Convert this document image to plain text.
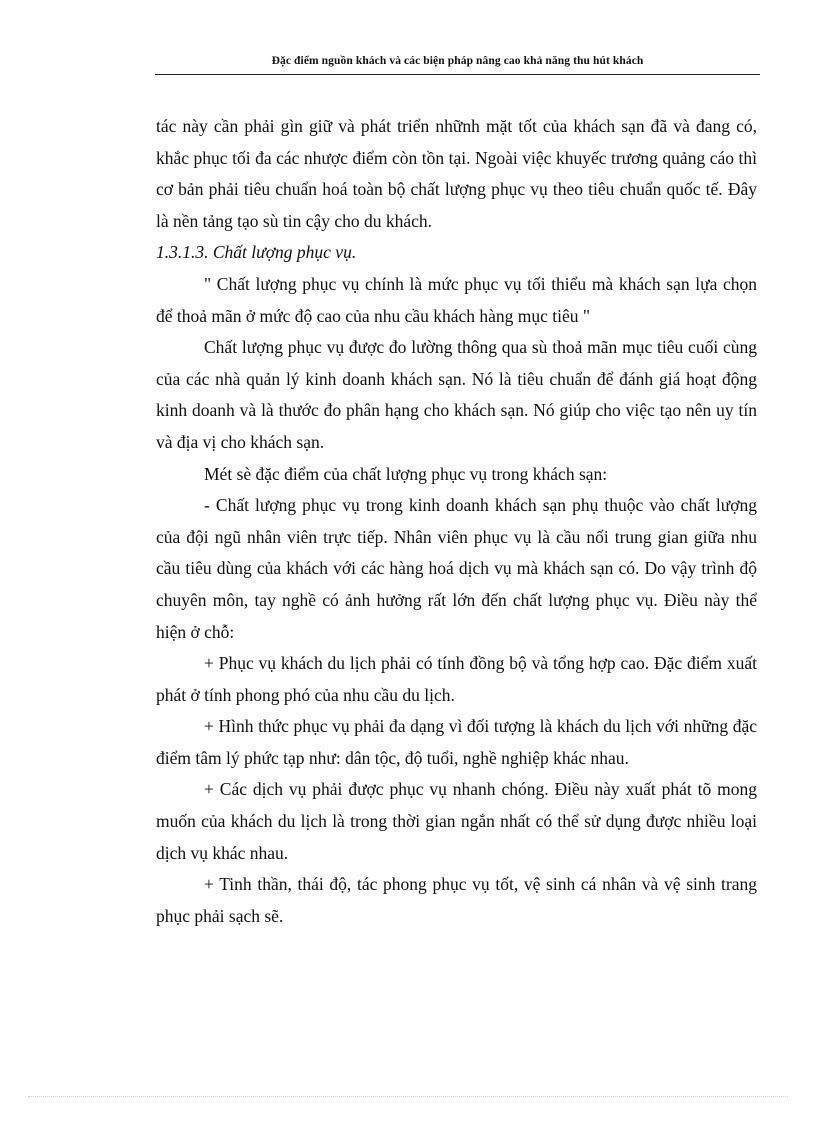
Đặc điểm nguồn khách và các biện pháp nâng cao khả năng thu hút khách

tác này cần phải gìn giữ và phát triển nhữnh mặt tốt của khách sạn đã và đang có, khắc phục tối đa các nhược điểm còn tồn tại. Ngoài việc khuyếc trương quảng cáo thì cơ bản phải tiêu chuẩn hoá toàn bộ chất lượng phục vụ theo tiêu chuẩn quốc tế. Đây là nền tảng tạo sù tin cậy cho du khách.

1.3.1.3. Chất lượng phục vụ.

" Chất lượng phục vụ chính là mức phục vụ tối thiểu mà khách sạn lựa chọn để thoả mãn ở mức độ cao của nhu cầu khách hàng mục tiêu "

Chất lượng phục vụ được đo lường thông qua sù thoả mãn mục tiêu cuối cùng của các nhà quản lý kinh doanh khách sạn. Nó là tiêu chuẩn để đánh giá hoạt động kinh doanh và là thước đo phân hạng cho khách sạn. Nó giúp cho việc tạo nên uy tín và địa vị cho khách sạn.

Mét sè đặc điểm của chất lượng phục vụ trong khách sạn:

- Chất lượng phục vụ trong kinh doanh khách sạn phụ thuộc vào chất lượng của đội ngũ nhân viên trực tiếp. Nhân viên phục vụ là cầu nối trung gian giữa nhu cầu tiêu dùng của khách với các hàng hoá dịch vụ mà khách sạn có. Do vậy trình độ chuyên môn, tay nghề có ảnh hưởng rất lớn đến chất lượng phục vụ. Điều này thể hiện ở chỗ:

+ Phục vụ khách du lịch phải có tính đồng bộ và tổng hợp cao. Đặc điểm xuất phát ở tính phong phó của nhu cầu du lịch.

+ Hình thức phục vụ phải đa dạng vì đối tượng là khách du lịch với những đặc điểm tâm lý phức tạp như: dân tộc, độ tuổi, nghề nghiệp khác nhau.

+ Các dịch vụ phải được phục vụ nhanh chóng. Điều này xuất phát tõ mong muốn của khách du lịch là trong thời gian ngắn nhất có thể sử dụng được nhiều loại dịch vụ khác nhau.

+ Tinh thần, thái độ, tác phong phục vụ tốt, vệ sinh cá nhân và vệ sinh trang phục phải sạch sẽ.
